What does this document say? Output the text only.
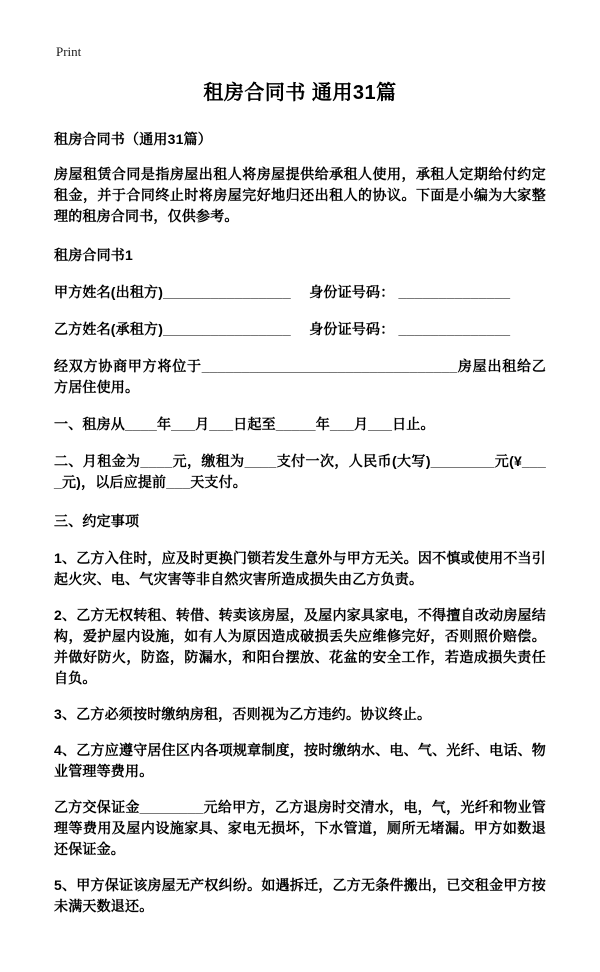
Print
租房合同书 通用31篇

租房合同书（通用31篇）

房屋租赁合同是指房屋出租人将房屋提供给承租人使用，承租人定期给付约定租金，并于合同终止时将房屋完好地归还出租人的协议。下面是小编为大家整理的租房合同书，仅供参考。

租房合同书1

甲方姓名(出租方)________________　 身份证号码： ______________

乙方姓名(承租方)________________　 身份证号码： ______________

经双方协商甲方将位于________________________________房屋出租给乙方居住使用。

一、租房从____年___月___日起至_____年___月___日止。

二、月租金为____元，缴租为____支付一次，人民币(大写)________元(¥____元)，以后应提前___天支付。

三、约定事项

1、乙方入住时，应及时更换门锁若发生意外与甲方无关。因不慎或使用不当引起火灾、电、气灾害等非自然灾害所造成损失由乙方负责。

2、乙方无权转租、转借、转卖该房屋，及屋内家具家电，不得擅自改动房屋结构，爱护屋内设施，如有人为原因造成破损丢失应维修完好，否则照价赔偿。并做好防火，防盗，防漏水，和阳台摆放、花盆的安全工作，若造成损失责任自负。

3、乙方必须按时缴纳房租，否则视为乙方违约。协议终止。

4、乙方应遵守居住区内各项规章制度，按时缴纳水、电、气、光纤、电话、物业管理等费用。

乙方交保证金________元给甲方，乙方退房时交清水，电，气，光纤和物业管理等费用及屋内设施家具、家电无损坏，下水管道，厕所无堵漏。甲方如数退还保证金。

5、甲方保证该房屋无产权纠纷。如遇拆迁，乙方无条件搬出，已交租金甲方按未满天数退还。
